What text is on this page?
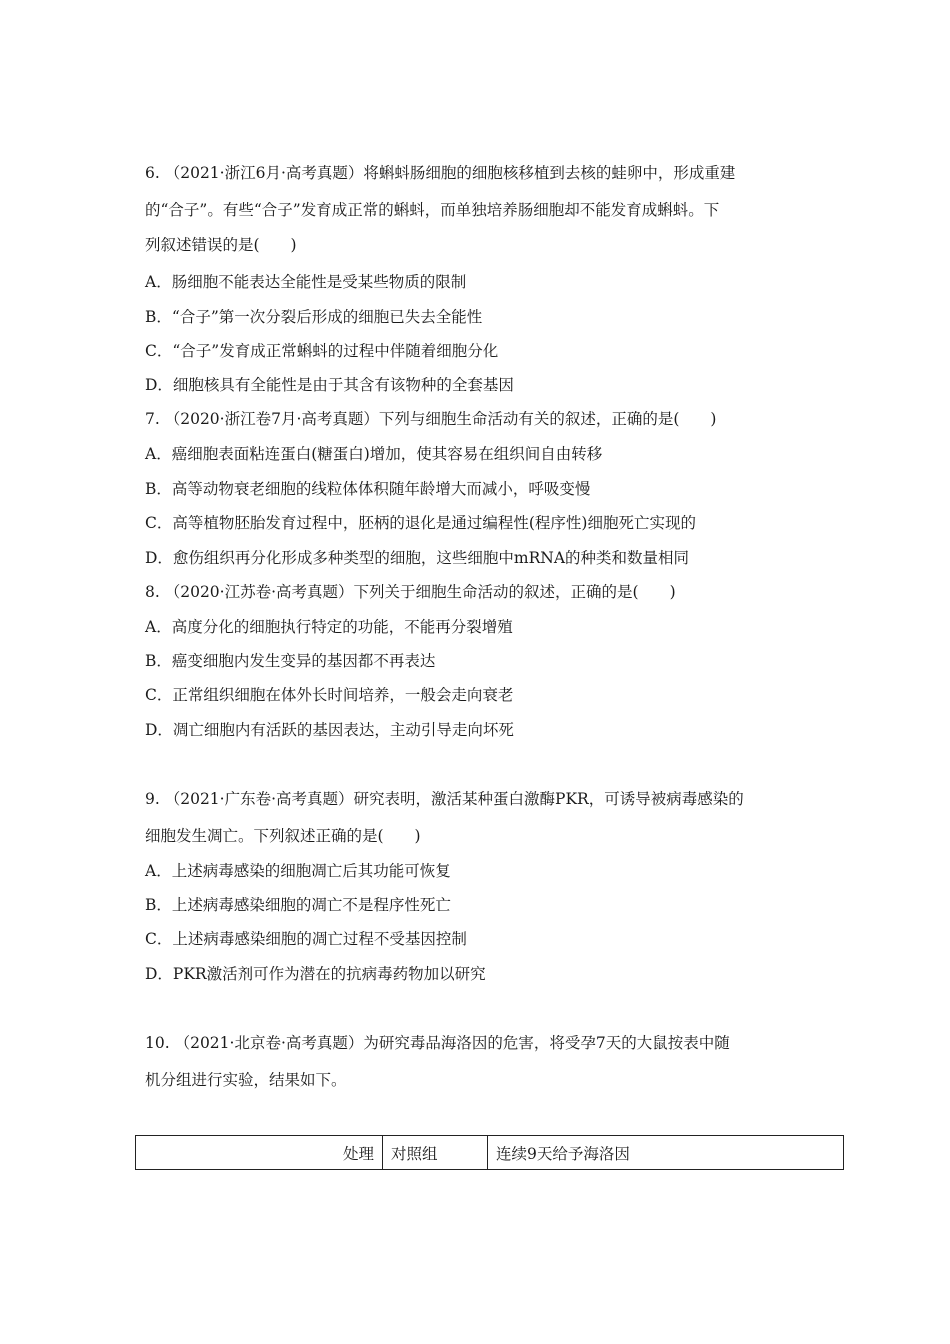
6. （2021·浙江6月·高考真题）将蝌蚪肠细胞的细胞核移植到去核的蛙卵中，形成重建
的“合子”。有些“合子”发育成正常的蝌蚪，而单独培养肠细胞却不能发育成蝌蚪。下
列叙述错误的是(　　)
A．肠细胞不能表达全能性是受某些物质的限制
B．“合子”第一次分裂后形成的细胞已失去全能性
C．“合子”发育成正常蝌蚪的过程中伴随着细胞分化
D．细胞核具有全能性是由于其含有该物种的全套基因
7. （2020·浙江卷7月·高考真题）下列与细胞生命活动有关的叙述，正确的是(　　)
A．癌细胞表面粘连蛋白(糖蛋白)增加，使其容易在组织间自由转移
B．高等动物衰老细胞的线粒体体积随年龄增大而减小，呼吸变慢
C．高等植物胚胎发育过程中，胚柄的退化是通过编程性(程序性)细胞死亡实现的
D．愈伤组织再分化形成多种类型的细胞，这些细胞中mRNA的种类和数量相同
8. （2020·江苏卷·高考真题）下列关于细胞生命活动的叙述，正确的是(　　)
A．高度分化的细胞执行特定的功能，不能再分裂增殖
B．癌变细胞内发生变异的基因都不再表达
C．正常组织细胞在体外长时间培养，一般会走向衰老
D．凋亡细胞内有活跃的基因表达，主动引导走向坏死
9. （2021·广东卷·高考真题）研究表明，激活某种蛋白激酶PKR，可诱导被病毒感染的
细胞发生凋亡。下列叙述正确的是(　　)
A．上述病毒感染的细胞凋亡后其功能可恢复
B．上述病毒感染细胞的凋亡不是程序性死亡
C．上述病毒感染细胞的凋亡过程不受基因控制
D．PKR激活剂可作为潜在的抗病毒药物加以研究
10. （2021·北京卷·高考真题）为研究毒品海洛因的危害，将受孕7天的大鼠按表中随
机分组进行实验，结果如下。
处理	对照组	连续9天给予海洛因
